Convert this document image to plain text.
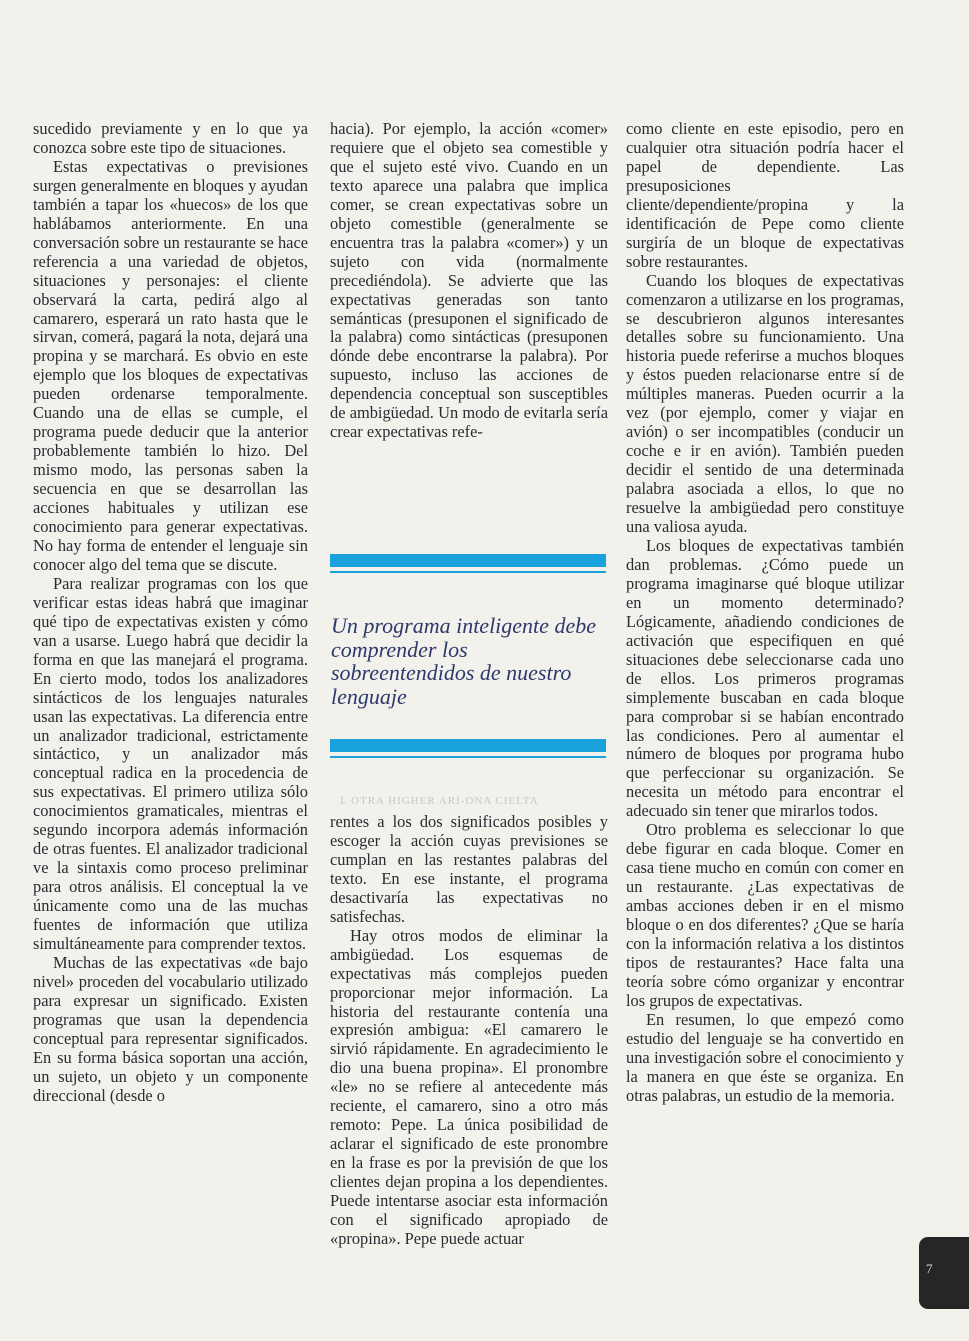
sucedido previamente y en lo que ya conozca sobre este tipo de situaciones.

Estas expectativas o previsiones surgen generalmente en bloques y ayudan también a tapar los «huecos» de los que hablábamos anteriormente. En una conversación sobre un restaurante se hace referencia a una variedad de objetos, situaciones y personajes: el cliente observará la carta, pedirá algo al camarero, esperará un rato hasta que le sirvan, comerá, pagará la nota, dejará una propina y se marchará. Es obvio en este ejemplo que los bloques de expectativas pueden ordenarse temporalmente. Cuando una de ellas se cumple, el programa puede deducir que la anterior probablemente también lo hizo. Del mismo modo, las personas saben la secuencia en que se desarrollan las acciones habituales y utilizan ese conocimiento para generar expectativas. No hay forma de entender el lenguaje sin conocer algo del tema que se discute.

Para realizar programas con los que verificar estas ideas habrá que imaginar qué tipo de expectativas existen y cómo van a usarse. Luego habrá que decidir la forma en que las manejará el programa. En cierto modo, todos los analizadores sintácticos de los lenguajes naturales usan las expectativas. La diferencia entre un analizador tradicional, estrictamente sintáctico, y un analizador más conceptual radica en la procedencia de sus expectativas. El primero utiliza sólo conocimientos gramaticales, mientras el segundo incorpora además información de otras fuentes. El analizador tradicional ve la sintaxis como proceso preliminar para otros análisis. El conceptual la ve únicamente como una de las muchas fuentes de información que utiliza simultáneamente para comprender textos.

Muchas de las expectativas «de bajo nivel» proceden del vocabulario utilizado para expresar un significado. Existen programas que usan la dependencia conceptual para representar significados. En su forma básica soportan una acción, un sujeto, un objeto y un componente direccional (desde o

hacia). Por ejemplo, la acción «comer» requiere que el objeto sea comestible y que el sujeto esté vivo. Cuando en un texto aparece una palabra que implica comer, se crean expectativas sobre un objeto comestible (generalmente se encuentra tras la palabra «comer») y un sujeto con vida (normalmente precediéndola). Se advierte que las expectativas generadas son tanto semánticas (presuponen el significado de la palabra) como sintácticas (presuponen dónde debe encontrarse la palabra). Por supuesto, incluso las acciones de dependencia conceptual son susceptibles de ambigüedad. Un modo de evitarla sería crear expectativas refe-

Un programa inteligente debe comprender los sobreentendidos de nuestro lenguaje

L OTRA HIGHER ARI-ONA CIELTA

rentes a los dos significados posibles y escoger la acción cuyas previsiones se cumplan en las restantes palabras del texto. En ese instante, el programa desactivaría las expectativas no satisfechas.

Hay otros modos de eliminar la ambigüedad. Los esquemas de expectativas más complejos pueden proporcionar mejor información. La historia del restaurante contenía una expresión ambigua: «El camarero le sirvió rápidamente. En agradecimiento le dio una buena propina». El pronombre «le» no se refiere al antecedente más reciente, el camarero, sino a otro más remoto: Pepe. La única posibilidad de aclarar el significado de este pronombre en la frase es por la previsión de que los clientes dejan propina a los dependientes. Puede intentarse asociar esta información con el significado apropiado de «propina». Pepe puede actuar

como cliente en este episodio, pero en cualquier otra situación podría hacer el papel de dependiente. Las presuposiciones cliente/dependiente/propina y la identificación de Pepe como cliente surgiría de un bloque de expectativas sobre restaurantes.

Cuando los bloques de expectativas comenzaron a utilizarse en los programas, se descubrieron algunos interesantes detalles sobre su funcionamiento. Una historia puede referirse a muchos bloques y éstos pueden relacionarse entre sí de múltiples maneras. Pueden ocurrir a la vez (por ejemplo, comer y viajar en avión) o ser incompatibles (conducir un coche e ir en avión). También pueden decidir el sentido de una determinada palabra asociada a ellos, lo que no resuelve la ambigüedad pero constituye una valiosa ayuda.

Los bloques de expectativas también dan problemas. ¿Cómo puede un programa imaginarse qué bloque utilizar en un momento determinado? Lógicamente, añadiendo condiciones de activación que especifiquen en qué situaciones debe seleccionarse cada uno de ellos. Los primeros programas simplemente buscaban en cada bloque para comprobar si se habían encontrado las condiciones. Pero al aumentar el número de bloques por programa hubo que perfeccionar su organización. Se necesita un método para encontrar el adecuado sin tener que mirarlos todos.

Otro problema es seleccionar lo que debe figurar en cada bloque. Comer en casa tiene mucho en común con comer en un restaurante. ¿Las expectativas de ambas acciones deben ir en el mismo bloque o en dos diferentes? ¿Que se haría con la información relativa a los distintos tipos de restaurantes? Hace falta una teoría sobre cómo organizar y encontrar los grupos de expectativas.

En resumen, lo que empezó como estudio del lenguaje se ha convertido en una investigación sobre el conocimiento y la manera en que éste se organiza. En otras palabras, un estudio de la memoria.

7
